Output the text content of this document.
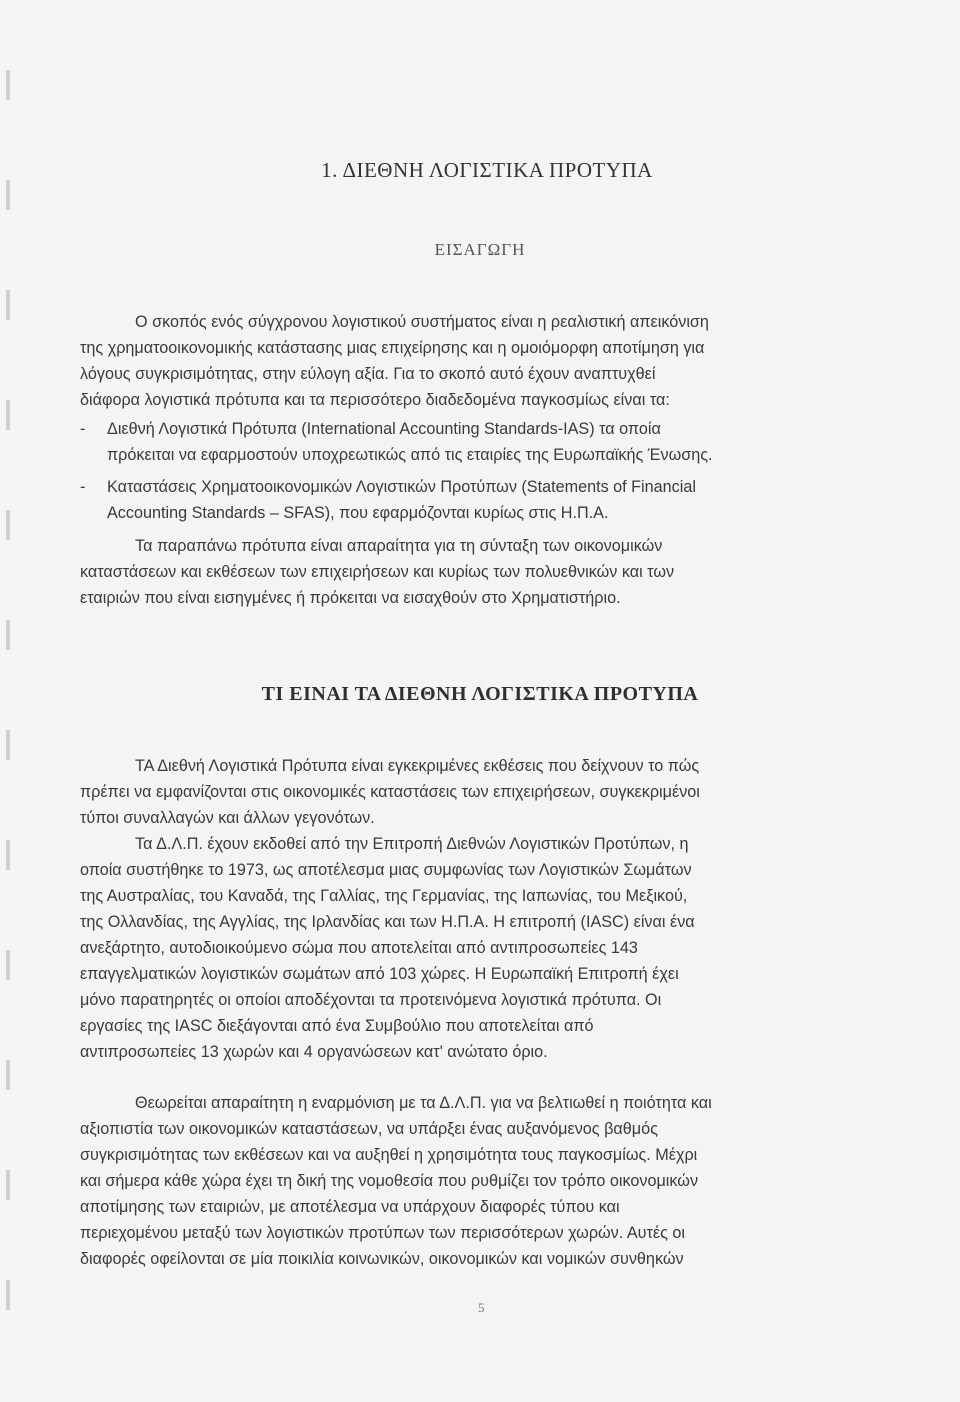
1. ΔΙΕΘΝΗ ΛΟΓΙΣΤΙΚΑ ΠΡΟΤΥΠΑ
ΕΙΣΑΓΩΓΗ
Ο σκοπός ενός σύγχρονου λογιστικού συστήματος είναι η ρεαλιστική απεικόνιση
της χρηματοοικονομικής κατάστασης μιας επιχείρησης και η ομοιόμορφη αποτίμηση για
λόγους συγκρισιμότητας, στην εύλογη αξία. Για το σκοπό αυτό έχουν αναπτυχθεί
διάφορα λογιστικά πρότυπα και τα περισσότερο διαδεδομένα παγκοσμίως είναι τα:
-	Διεθνή Λογιστικά Πρότυπα (International Accounting Standards-IAS) τα οποία
πρόκειται να εφαρμοστούν υποχρεωτικώς από τις εταιρίες της Ευρωπαϊκής Ένωσης.
-	Καταστάσεις Χρηματοοικονομικών Λογιστικών Προτύπων (Statements of Financial
Accounting Standards – SFAS), που εφαρμόζονται κυρίως στις Η.Π.Α.
Τα παραπάνω πρότυπα είναι απαραίτητα για τη σύνταξη των οικονομικών
καταστάσεων και εκθέσεων των επιχειρήσεων και κυρίως των πολυεθνικών και των
εταιριών που είναι εισηγμένες ή πρόκειται να εισαχθούν στο Χρηματιστήριο.
ΤΙ ΕΙΝΑΙ ΤΑ ΔΙΕΘΝΗ ΛΟΓΙΣΤΙΚΑ ΠΡΟΤΥΠΑ
ΤΑ Διεθνή Λογιστικά Πρότυπα είναι εγκεκριμένες εκθέσεις που δείχνουν το πώς
πρέπει να εμφανίζονται στις οικονομικές καταστάσεις των επιχειρήσεων, συγκεκριμένοι
τύποι συναλλαγών και άλλων γεγονότων.
Τα Δ.Λ.Π. έχουν εκδοθεί από την Επιτροπή Διεθνών Λογιστικών Προτύπων, η
οποία συστήθηκε το 1973, ως αποτέλεσμα μιας συμφωνίας των Λογιστικών Σωμάτων
της Αυστραλίας, του Καναδά, της Γαλλίας, της Γερμανίας, της Ιαπωνίας, του Μεξικού,
της Ολλανδίας, της Αγγλίας, της Ιρλανδίας και των Η.Π.Α. Η επιτροπή (IASC) είναι ένα
ανεξάρτητο, αυτοδιοικούμενο σώμα που αποτελείται από αντιπροσωπείες 143
επαγγελματικών λογιστικών σωμάτων από 103 χώρες. Η Ευρωπαϊκή Επιτροπή έχει
μόνο παρατηρητές οι οποίοι αποδέχονται τα προτεινόμενα λογιστικά πρότυπα. Οι
εργασίες της IASC διεξάγονται από ένα Συμβούλιο που αποτελείται από
αντιπροσωπείες 13 χωρών και 4 οργανώσεων κατ' ανώτατο όριο.
Θεωρείται απαραίτητη η εναρμόνιση με τα Δ.Λ.Π. για να βελτιωθεί η ποιότητα και
αξιοπιστία των οικονομικών καταστάσεων, να υπάρξει ένας αυξανόμενος βαθμός
συγκρισιμότητας των εκθέσεων και να αυξηθεί η χρησιμότητα τους παγκοσμίως. Μέχρι
και σήμερα κάθε χώρα έχει τη δική της νομοθεσία που ρυθμίζει τον τρόπο οικονομικών
αποτίμησης των εταιριών, με αποτέλεσμα να υπάρχουν διαφορές τύπου και
περιεχομένου μεταξύ των λογιστικών προτύπων των περισσότερων χωρών. Αυτές οι
διαφορές οφείλονται σε μία ποικιλία κοινωνικών, οικονομικών και νομικών συνθηκών
5
